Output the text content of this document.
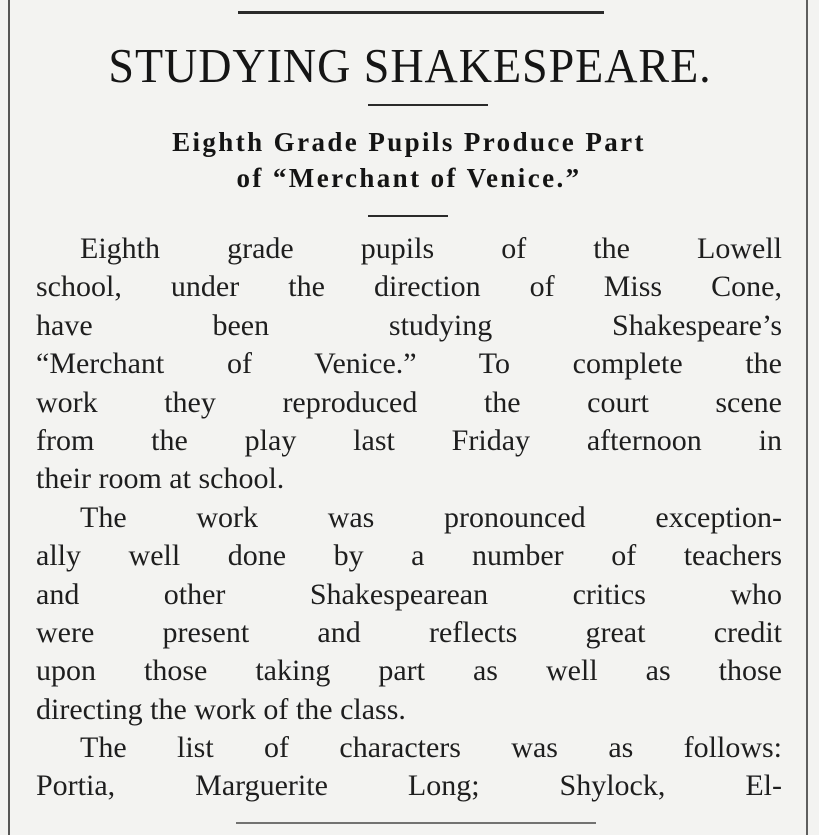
STUDYING SHAKESPEARE.
Eighth Grade Pupils Produce Part
of “Merchant of Venice.”
Eighth grade pupils of the Lowell
school, under the direction of Miss Cone,
have been studying Shakespeare’s
“Merchant of Venice.” To complete the
work they reproduced the court scene
from the play last Friday afternoon in
their room at school.
The work was pronounced exception-
ally well done by a number of teachers
and other Shakespearean critics who
were present and reflects great credit
upon those taking part as well as those
directing the work of the class.
The list of characters was as follows:
Portia, Marguerite Long; Shylock, El-
